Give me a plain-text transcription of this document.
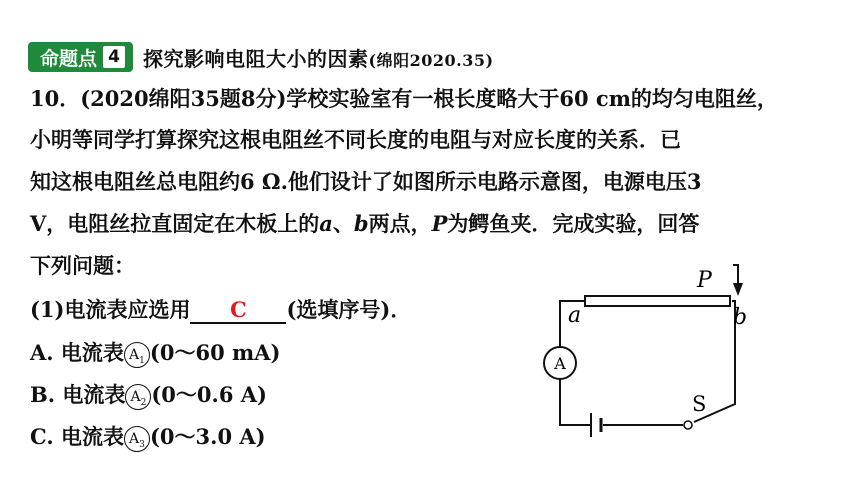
命题点 4 探究影响电阻大小的因素(绵阳2020.35)
10．(2020绵阳35题8分)学校实验室有一根长度略大于60 cm的均匀电阻丝，
小明等同学打算探究这根电阻丝不同长度的电阻与对应长度的关系．已
知这根电阻丝总电阻约6 Ω.他们设计了如图所示电路示意图，电源电压3
V，电阻丝拉直固定在木板上的a、b两点，P为鳄鱼夹．完成实验，回答
下列问题：
(1)电流表应选用 C (选填序号)．
A. 电流表 $A_1$ (0～60 mA)
B. 电流表 $A_2$ (0～0.6 A)
C. 电流表 $A_3$ (0～3.0 A)
P
a	b
A
S
